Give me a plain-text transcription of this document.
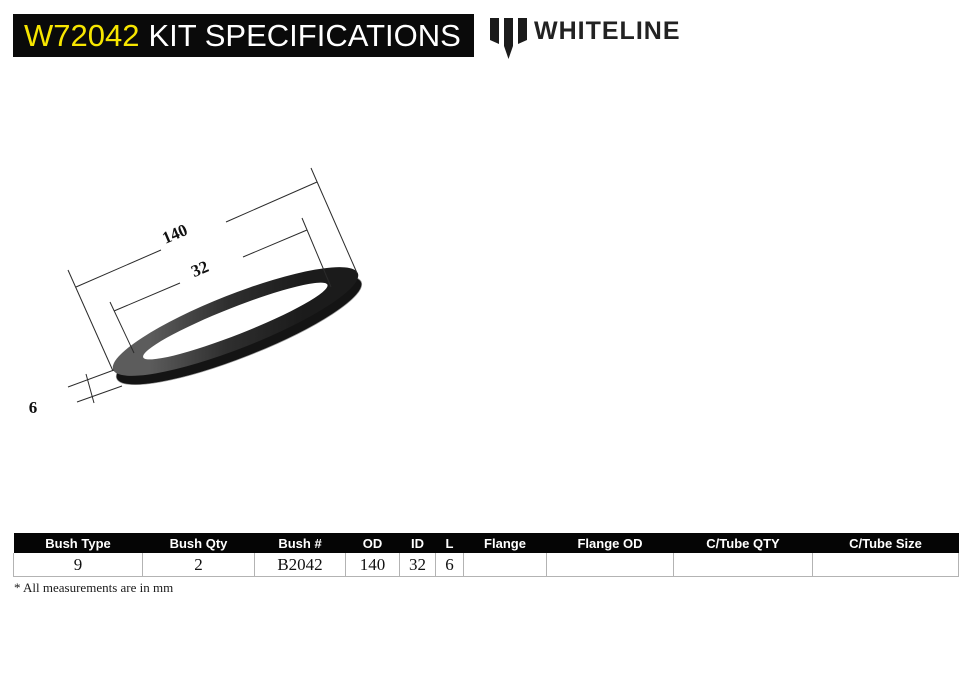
W72042 KIT SPECIFICATIONS	WHITELINE
140
32
6
Bush Type	Bush Qty	Bush #	OD	ID	L	Flange	Flange OD	C/Tube QTY	C/Tube Size
9	2	B2042	140	32	6				
* All measurements are in mm
